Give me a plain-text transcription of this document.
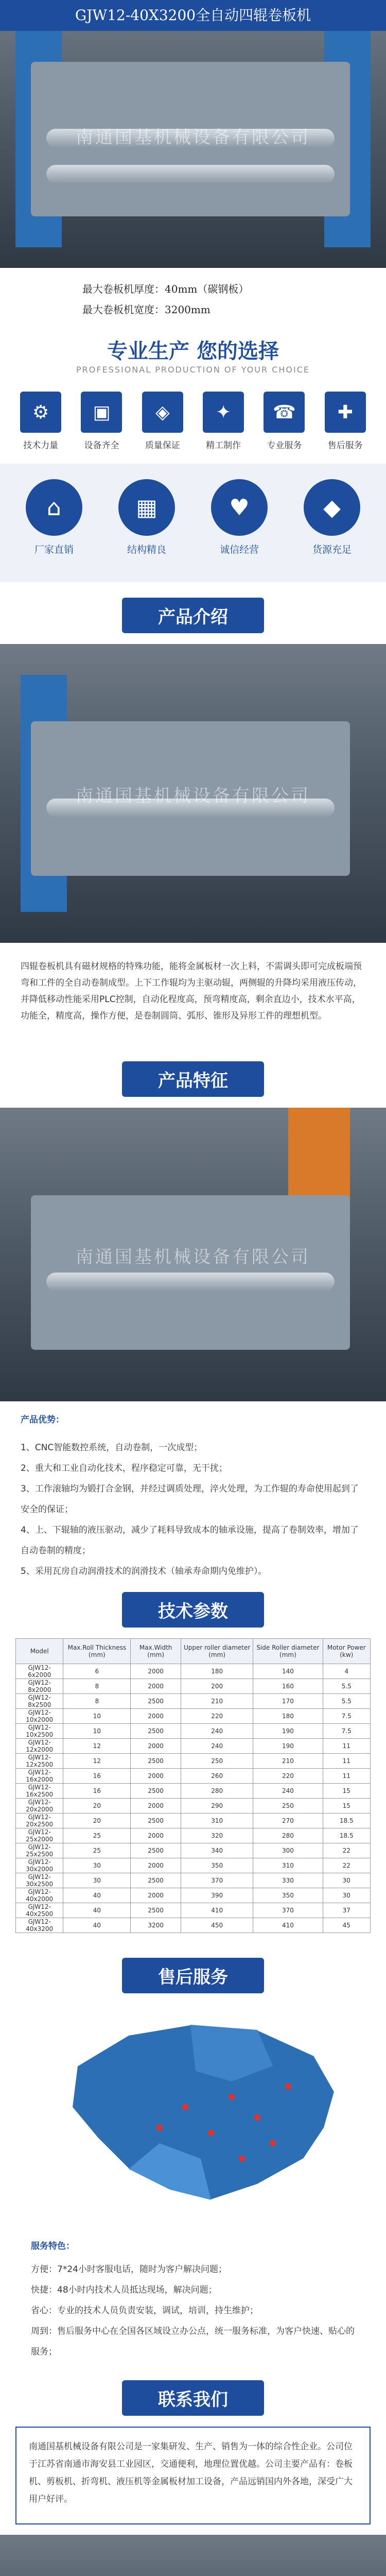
GJW12-40X3200全自动四辊卷板机
南通国基机械设备有限公司
最大卷板机厚度：40mm（碳钢板）
最大卷板机宽度：3200mm
专业生产 您的选择
PROFESSIONAL PRODUCTION OF YOUR CHOICE
⚙
技术力量
▣
设备齐全
◈
质量保证
✦
精工制作
☎
专业服务
✚
售后服务
⌂
厂家直销
▦
结构精良
♥
诚信经营
◆
货源充足
产品介绍
南通国基机械设备有限公司
四辊卷板机具有磁材规格的特殊功能，能将金属板材一次上料，不需调头即可完成板端预弯和工件的全自动卷制成型。上下工作辊均为主驱动辊，两侧辊的升降均采用液压传动，并降低移动性能采用PLC控制，自动化程度高，预弯精度高，剩余直边小，技术水平高，功能全，精度高，操作方便，是卷制圆筒、弧形、锥形及异形工件的理想机型。
产品特征
南通国基机械设备有限公司
产品优势：
1、CNC智能数控系统，自动卷制，一次成型；
2、重大和工业自动化技术，程序稳定可靠，无干扰；
3、工作滚轴均为锻打合金钢，并经过调质处理，淬火处理，为工作辊的寿命使用起到了安全的保证；
4、上、下辊轴的液压驱动，减少了耗料导致成本的轴承设施，提高了卷制效率，增加了自动卷制的精度；
5、采用瓦房自动润滑技术的润滑技术（轴承寿命期内免维护）。
技术参数
Model	Max.Roll Thickness (mm)	Max.Width (mm)	Upper roller diameter (mm)	Side Roller diameter (mm)	Motor Power (kw)
GJW12-6x2000	6	2000	180	140	4
GJW12-8x2000	8	2000	200	160	5.5
GJW12-8x2500	8	2500	210	170	5.5
GJW12-10x2000	10	2000	220	180	7.5
GJW12-10x2500	10	2500	240	190	7.5
GJW12-12x2000	12	2000	240	190	11
GJW12-12x2500	12	2500	250	210	11
GJW12-16x2000	16	2000	260	220	11
GJW12-16x2500	16	2500	280	240	15
GJW12-20x2000	20	2000	290	250	15
GJW12-20x2500	20	2500	310	270	18.5
GJW12-25x2000	25	2000	320	280	18.5
GJW12-25x2500	25	2500	340	300	22
GJW12-30x2000	30	2000	350	310	22
GJW12-30x2500	30	2500	370	330	30
GJW12-40x2000	40	2000	390	350	30
GJW12-40x2500	40	2500	410	370	37
GJW12-40x3200	40	3200	450	410	45
售后服务
服务特色：
方便：7*24小时客服电话，随时为客户解决问题；
快捷：48小时内技术人员抵达现场，解决问题；
省心：专业的技术人员负责安装，调试，培训，持生维护；
周到：售后服务中心在全国各区域设立办公点，统一服务标准，为客户快速、贴心的服务；
联系我们
南通国基机械设备有限公司是一家集研发、生产、销售为一体的综合性企业。公司位于江苏省南通市海安县工业园区，交通便利，地理位置优越。公司主要产品有：卷板机、剪板机、折弯机、液压机等金属板材加工设备，产品远销国内外各地，深受广大用户好评。
